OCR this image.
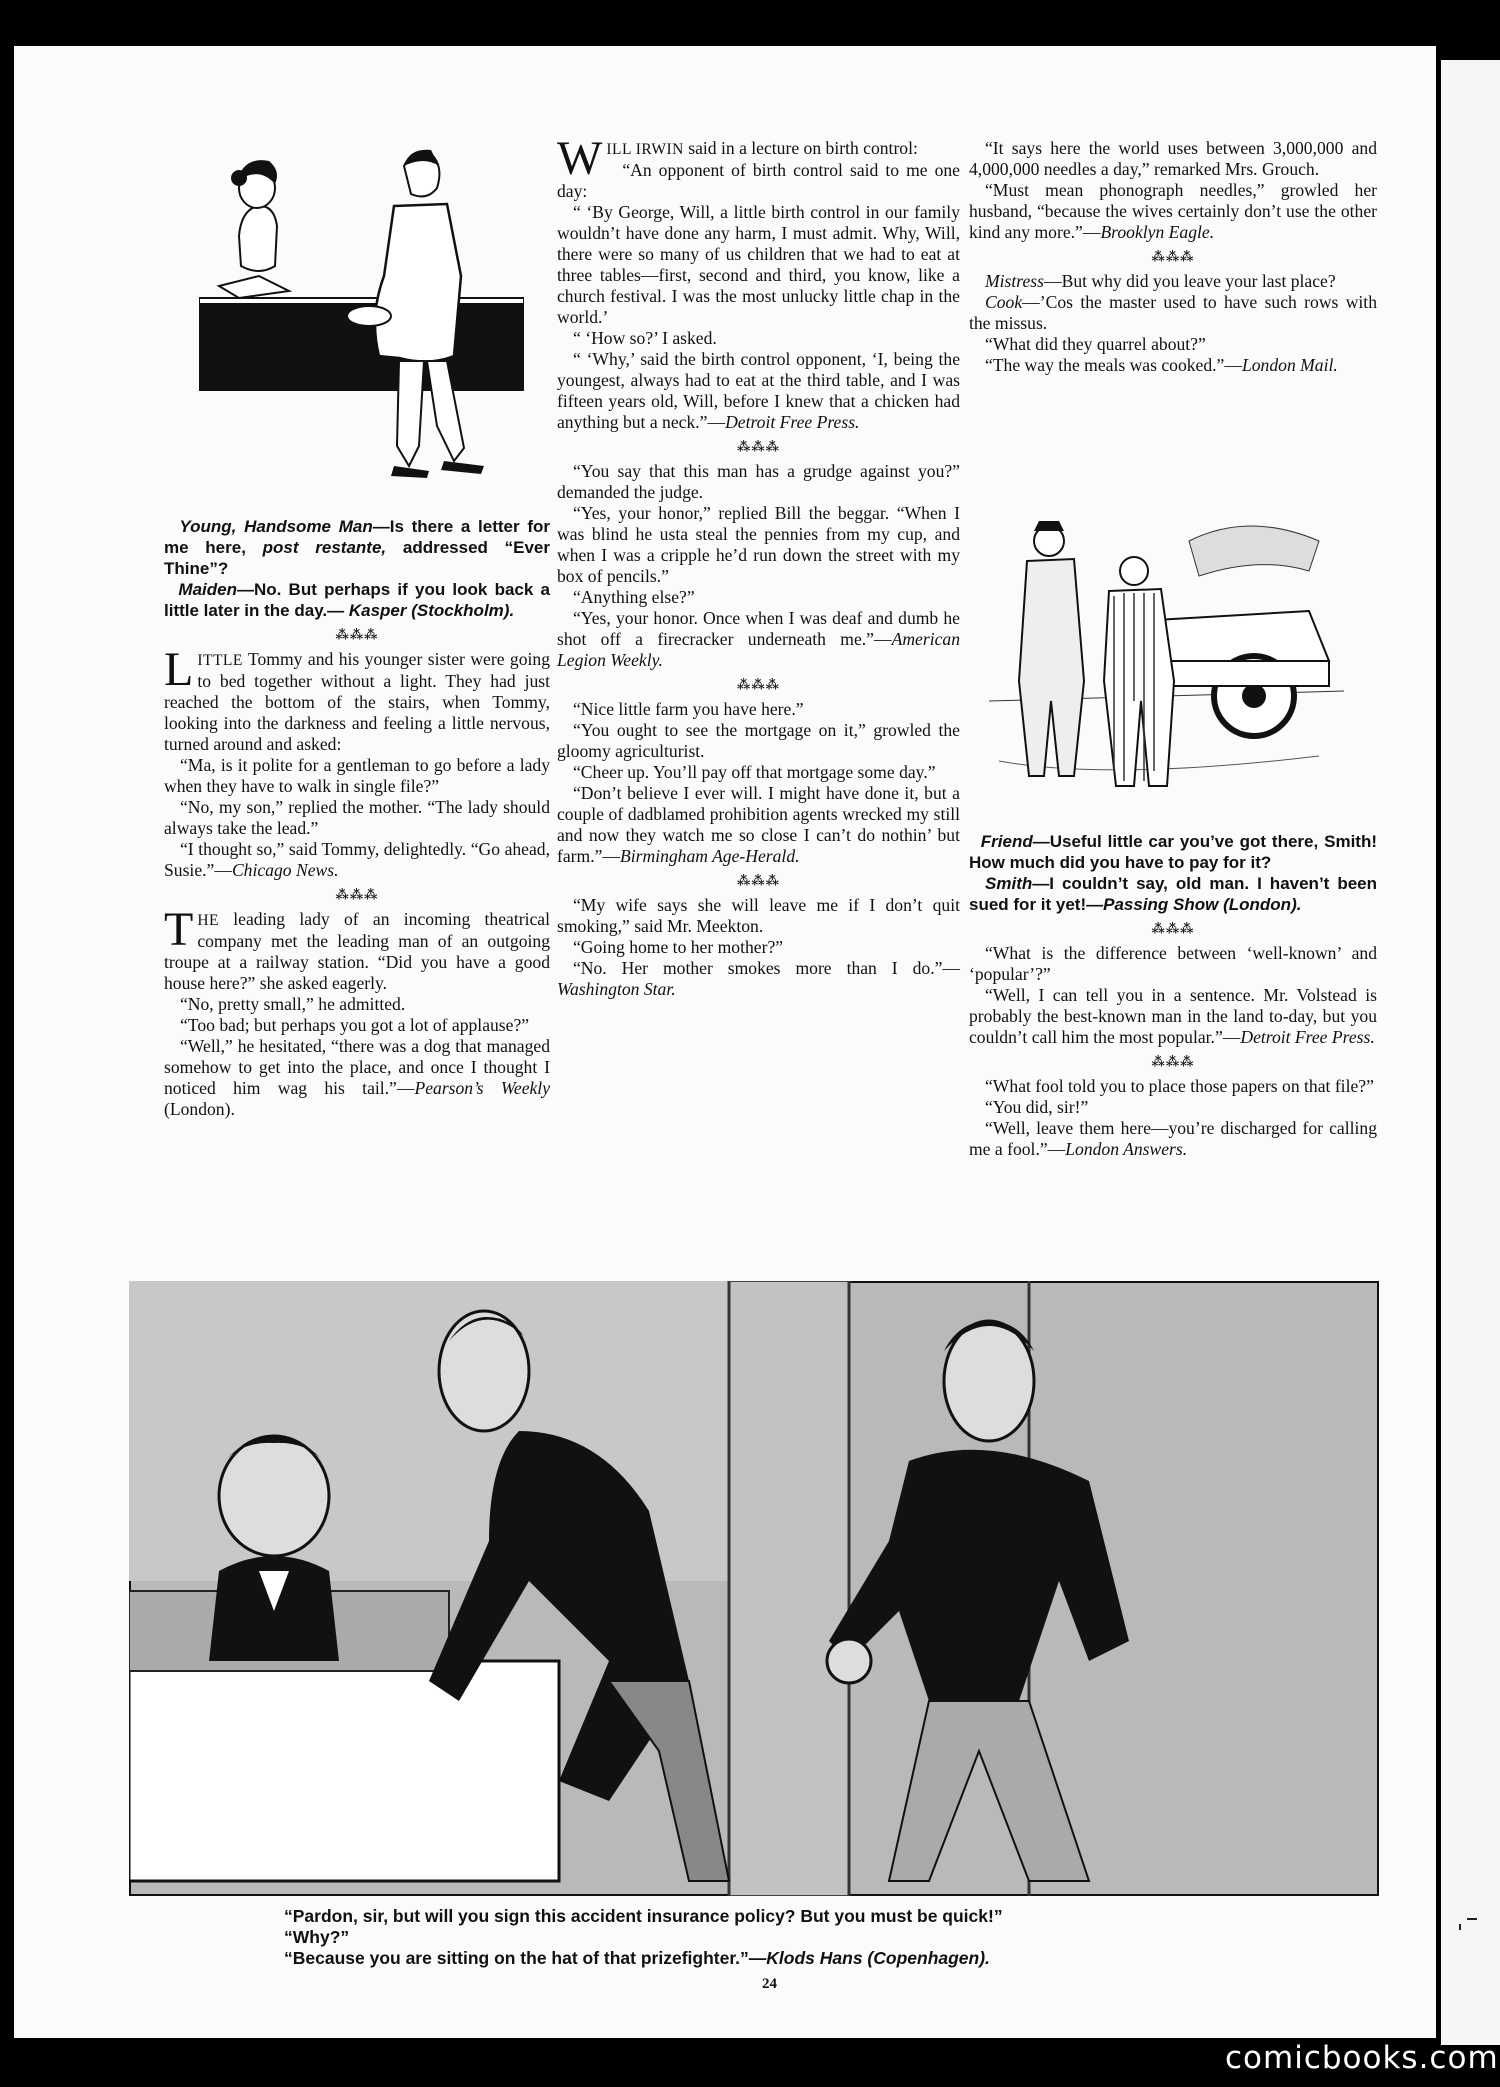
Young, Handsome Man—Is there a letter for me here, post restante, addressed “Ever Thine”?
Maiden—No. But perhaps if you look back a little later in the day.— Kasper (Stockholm).

⁂⁂⁂

LITTLE Tommy and his younger sister were going to bed together without a light. They had just reached the bottom of the stairs, when Tommy, looking into the darkness and feeling a little nervous, turned around and asked:

“Ma, is it polite for a gentleman to go before a lady when they have to walk in single file?”

“No, my son,” replied the mother. “The lady should always take the lead.”

“I thought so,” said Tommy, delightedly. “Go ahead, Susie.”—Chicago News.

⁂⁂⁂

THE leading lady of an incoming theatrical company met the leading man of an outgoing troupe at a railway station. “Did you have a good house here?” she asked eagerly.

“No, pretty small,” he admitted.

“Too bad; but perhaps you got a lot of applause?”

“Well,” he hesitated, “there was a dog that managed somehow to get into the place, and once I thought I noticed him wag his tail.”—Pearson’s Weekly (London).

WILL IRWIN said in a lecture on birth control:

“An opponent of birth control said to me one day:

“ ‘By George, Will, a little birth control in our family wouldn’t have done any harm, I must admit. Why, Will, there were so many of us children that we had to eat at three tables—first, second and third, you know, like a church festival. I was the most unlucky little chap in the world.’

“ ‘How so?’ I asked.

“ ‘Why,’ said the birth control opponent, ‘I, being the youngest, always had to eat at the third table, and I was fifteen years old, Will, before I knew that a chicken had anything but a neck.”—Detroit Free Press.

⁂⁂⁂

“You say that this man has a grudge against you?” demanded the judge.

“Yes, your honor,” replied Bill the beggar. “When I was blind he usta steal the pennies from my cup, and when I was a cripple he’d run down the street with my box of pencils.”

“Anything else?”

“Yes, your honor. Once when I was deaf and dumb he shot off a firecracker underneath me.”—American Legion Weekly.

⁂⁂⁂

“Nice little farm you have here.”

“You ought to see the mortgage on it,” growled the gloomy agriculturist.

“Cheer up. You’ll pay off that mortgage some day.”

“Don’t believe I ever will. I might have done it, but a couple of dadblamed prohibition agents wrecked my still and now they watch me so close I can’t do nothin’ but farm.”—Birmingham Age-Herald.

⁂⁂⁂

“My wife says she will leave me if I don’t quit smoking,” said Mr. Meekton.

“Going home to her mother?”

“No. Her mother smokes more than I do.”—Washington Star.

“It says here the world uses between 3,000,000 and 4,000,000 needles a day,” remarked Mrs. Grouch.

“Must mean phonograph needles,” growled her husband, “because the wives certainly don’t use the other kind any more.”—Brooklyn Eagle.

⁂⁂⁂

Mistress—But why did you leave your last place?

Cook—’Cos the master used to have such rows with the missus.

“What did they quarrel about?”

“The way the meals was cooked.”—London Mail.

Friend—Useful little car you’ve got there, Smith! How much did you have to pay for it?
Smith—I couldn’t say, old man. I haven’t been sued for it yet!—Passing Show (London).

⁂⁂⁂

“What is the difference between ‘well-known’ and ‘popular’?”

“Well, I can tell you in a sentence. Mr. Volstead is probably the best-known man in the land to-day, but you couldn’t call him the most popular.”—Detroit Free Press.

⁂⁂⁂

“What fool told you to place those papers on that file?”

“You did, sir!”

“Well, leave them here—you’re discharged for calling me a fool.”—London Answers.

“Pardon, sir, but will you sign this accident insurance policy? But you must be quick!”
“Why?”
“Because you are sitting on the hat of that prizefighter.”—Klods Hans (Copenhagen).
24
comicbooks.com
